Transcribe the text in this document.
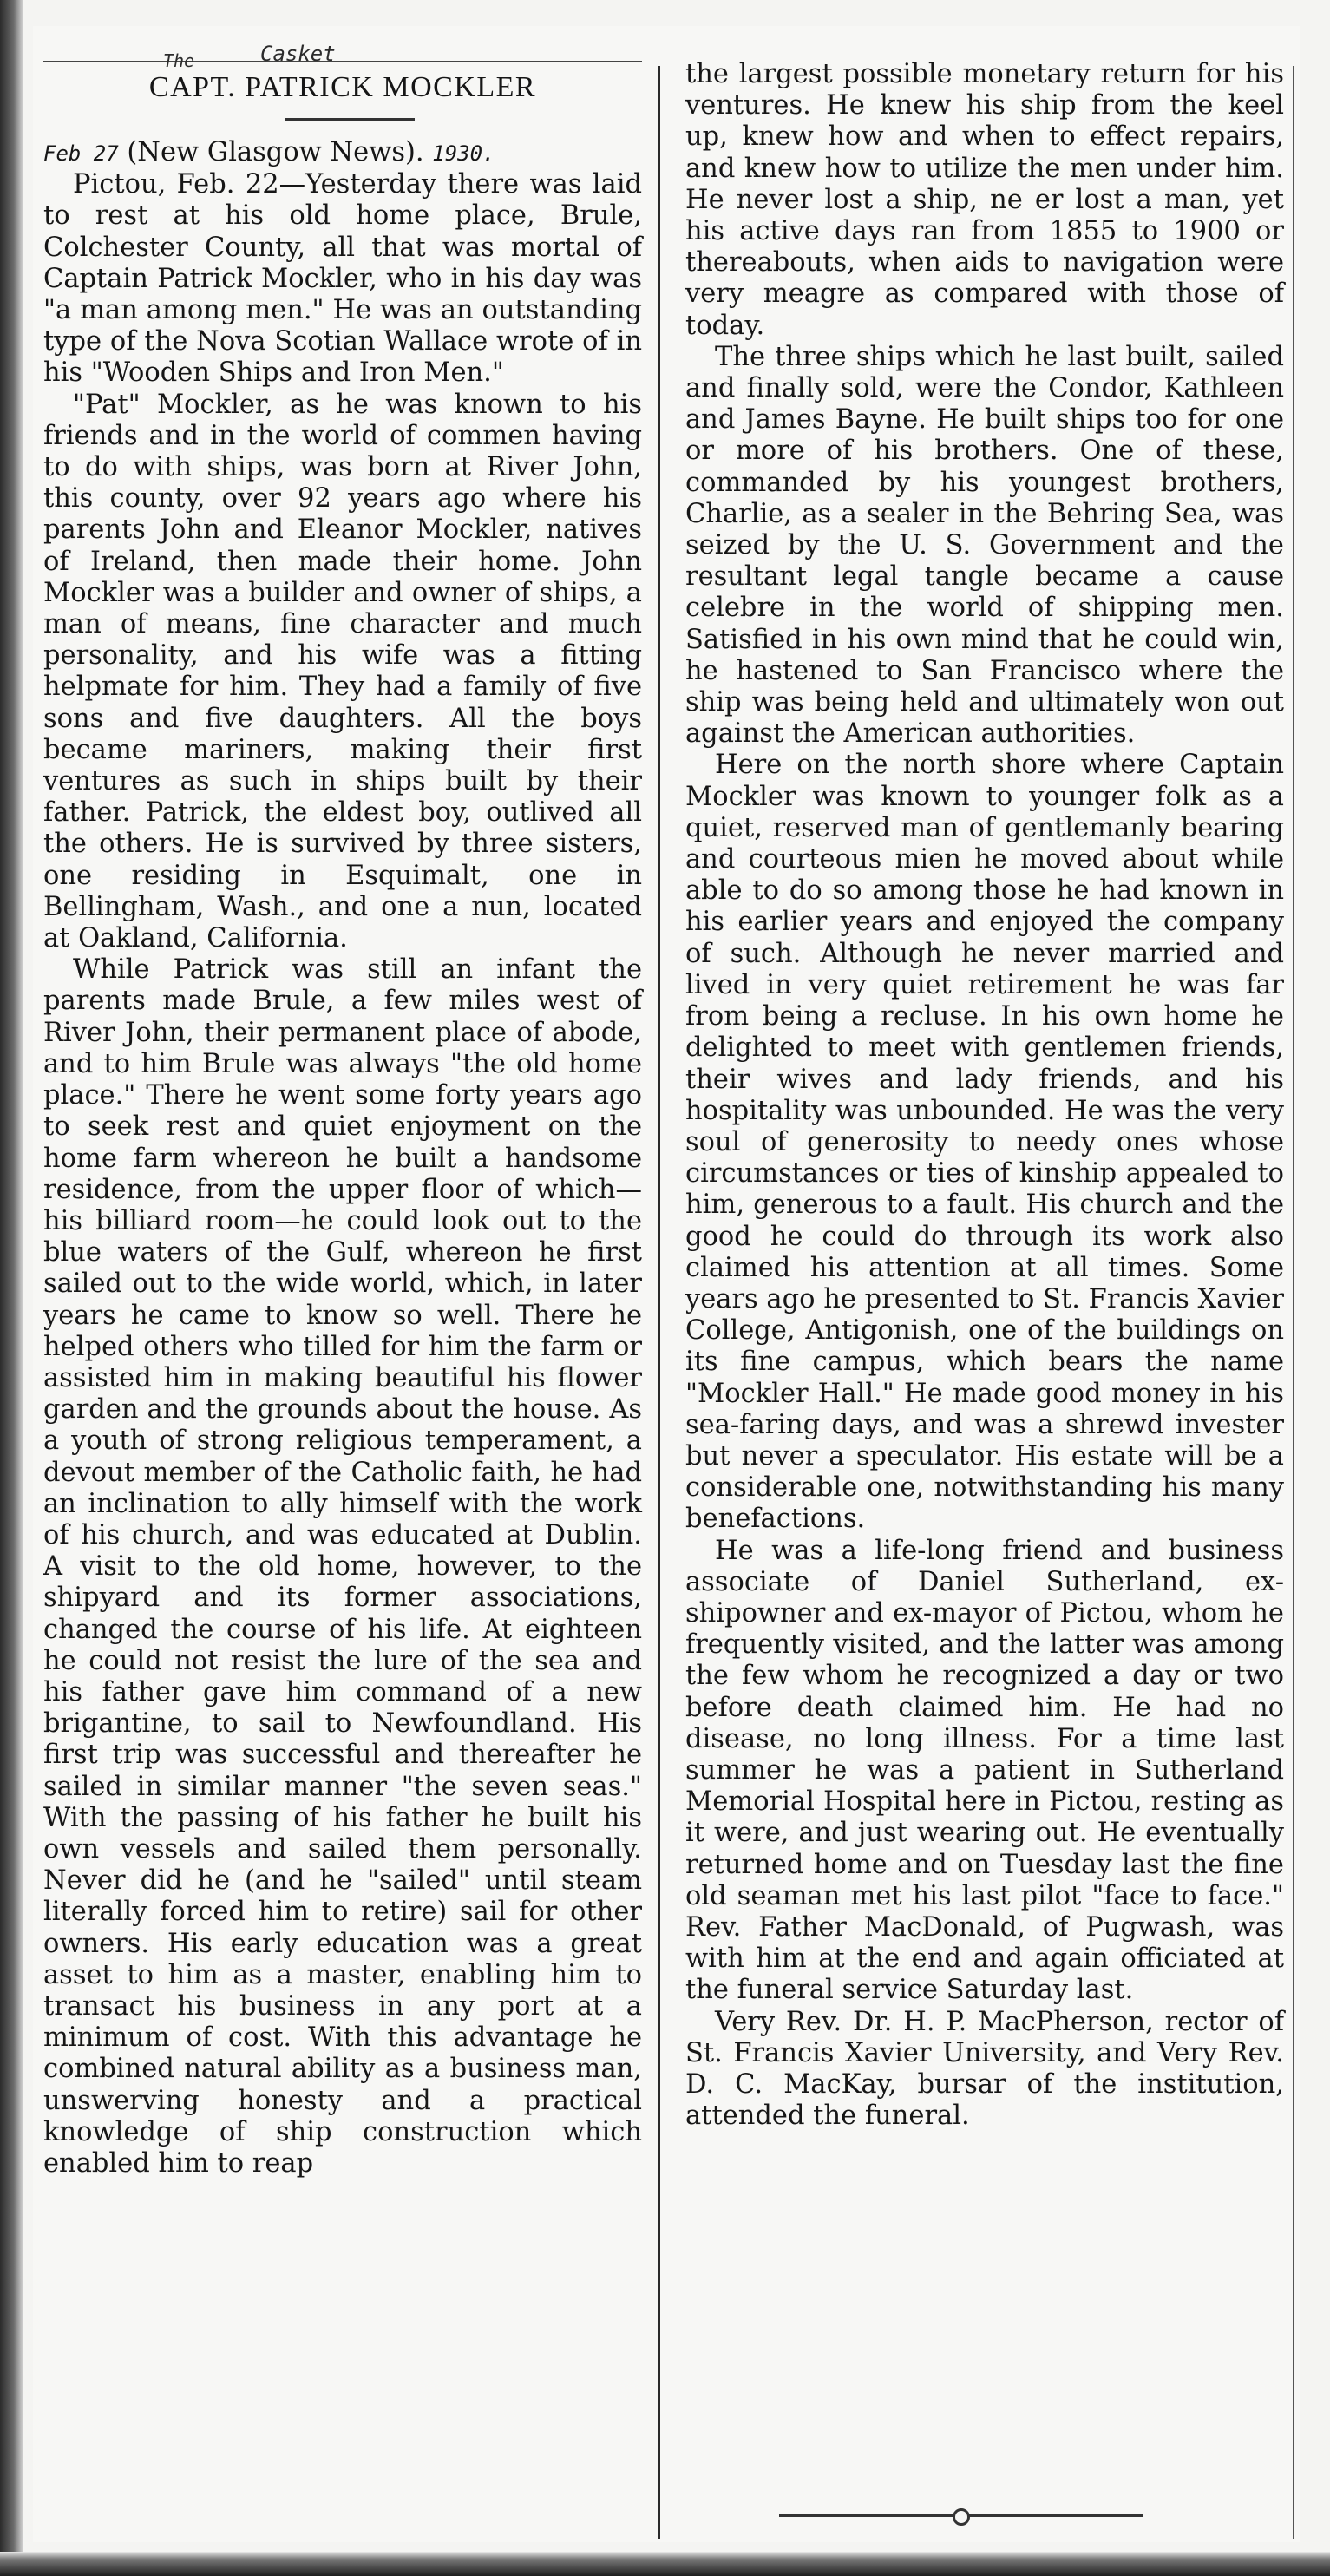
The	Casket
CAPT. PATRICK MOCKLER

Feb 27 (New Glasgow News). 1930.

Pictou, Feb. 22—Yesterday there was laid to rest at his old home place, Brule, Colchester County, all that was mortal of Captain Patrick Mockler, who in his day was "a man among men." He was an outstanding type of the Nova Scotian Wallace wrote of in his "Wooden Ships and Iron Men."

"Pat" Mockler, as he was known to his friends and in the world of commen having to do with ships, was born at River John, this county, over 92 years ago where his parents John and Eleanor Mockler, natives of Ireland, then made their home. John Mockler was a builder and owner of ships, a man of means, fine character and much personality, and his wife was a fitting helpmate for him. They had a family of five sons and five daughters. All the boys became mariners, making their first ventures as such in ships built by their father. Patrick, the eldest boy, outlived all the others. He is survived by three sisters, one residing in Esquimalt, one in Bellingham, Wash., and one a nun, located at Oakland, California.

While Patrick was still an infant the parents made Brule, a few miles west of River John, their permanent place of abode, and to him Brule was always "the old home place." There he went some forty years ago to seek rest and quiet enjoyment on the home farm whereon he built a handsome residence, from the upper floor of which—his billiard room—he could look out to the blue waters of the Gulf, whereon he first sailed out to the wide world, which, in later years he came to know so well. There he helped others who tilled for him the farm or assisted him in making beautiful his flower garden and the grounds about the house. As a youth of strong religious temperament, a devout member of the Catholic faith, he had an inclination to ally himself with the work of his church, and was educated at Dublin. A visit to the old home, however, to the shipyard and its former associations, changed the course of his life. At eighteen he could not resist the lure of the sea and his father gave him command of a new brigantine, to sail to Newfoundland. His first trip was successful and thereafter he sailed in similar manner "the seven seas." With the passing of his father he built his own vessels and sailed them personally. Never did he (and he "sailed" until steam literally forced him to retire) sail for other owners. His early education was a great asset to him as a master, enabling him to transact his business in any port at a minimum of cost. With this advantage he combined natural ability as a business man, unswerving honesty and a practical knowledge of ship construction which enabled him to reap

the largest possible monetary return for his ventures. He knew his ship from the keel up, knew how and when to effect repairs, and knew how to utilize the men under him. He never lost a ship, ne er lost a man, yet his active days ran from 1855 to 1900 or thereabouts, when aids to navigation were very meagre as compared with those of today.

The three ships which he last built, sailed and finally sold, were the Condor, Kathleen and James Bayne. He built ships too for one or more of his brothers. One of these, commanded by his youngest brothers, Charlie, as a sealer in the Behring Sea, was seized by the U. S. Government and the resultant legal tangle became a cause celebre in the world of shipping men. Satisfied in his own mind that he could win, he hastened to San Francisco where the ship was being held and ultimately won out against the American authorities.

Here on the north shore where Captain Mockler was known to younger folk as a quiet, reserved man of gentlemanly bearing and courteous mien he moved about while able to do so among those he had known in his earlier years and enjoyed the company of such. Although he never married and lived in very quiet retirement he was far from being a recluse. In his own home he delighted to meet with gentlemen friends, their wives and lady friends, and his hospitality was unbounded. He was the very soul of generosity to needy ones whose circumstances or ties of kinship appealed to him, generous to a fault. His church and the good he could do through its work also claimed his attention at all times. Some years ago he presented to St. Francis Xavier College, Antigonish, one of the buildings on its fine campus, which bears the name "Mockler Hall." He made good money in his sea-faring days, and was a shrewd invester but never a speculator. His estate will be a considerable one, notwithstanding his many benefactions.

He was a life-long friend and business associate of Daniel Sutherland, ex-shipowner and ex-mayor of Pictou, whom he frequently visited, and the latter was among the few whom he recognized a day or two before death claimed him. He had no disease, no long illness. For a time last summer he was a patient in Sutherland Memorial Hospital here in Pictou, resting as it were, and just wearing out. He eventually returned home and on Tuesday last the fine old seaman met his last pilot "face to face." Rev. Father MacDonald, of Pugwash, was with him at the end and again officiated at the funeral service Saturday last.

Very Rev. Dr. H. P. MacPherson, rector of St. Francis Xavier University, and Very Rev. D. C. MacKay, bursar of the institution, attended the funeral.
